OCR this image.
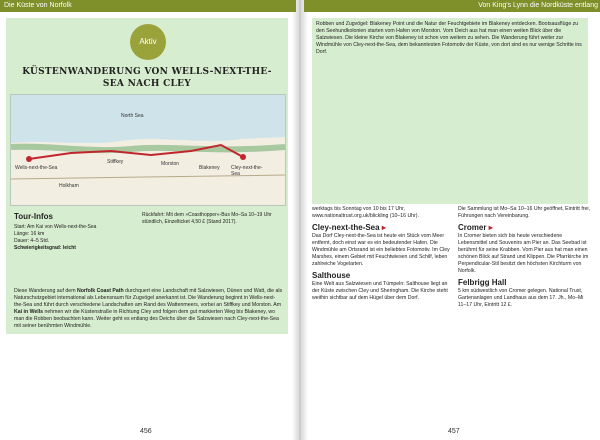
Die Küste von Norfolk	Von King's Lynn die Nordküste entlang
Aktiv
KÜSTENWANDERUNG VON WELLS-NEXT-THE-SEA NACH CLEY
North Sea
Wells-next-the-Sea
Holkham
Stiffkey	Morston
Blakeney Cley-next-the-Sea
Tour-Infos
Start: Am Kai von Wells-next-the-Sea
Länge: 16 km
Dauer: 4–5 Std.
Schwierigkeitsgrad: leicht
Rückfahrt: Mit dem »Coasthopper«-Bus Mo–Sa 10–19 Uhr stündlich, Einzelticket 4,50 £ (Stand 2017).
Diese Wanderung auf dem Norfolk Coast Path durchquert eine Landschaft mit Salzwiesen, Dünen und Watt, die als Naturschutzgebiet international als Lebensraum für Zugvögel anerkannt ist. Die Wanderung beginnt in Wells-next-the-Sea und führt durch verschiedene Landschaften am Rand des Wattenmeers, vorbei an Stiffkey und Morston. Am Kai in Wells nehmen wir die Küstenstraße in Richtung Cley und folgen dem gut markierten Weg bis Blakeney, wo man die Robben beobachten kann. Weiter geht es entlang des Deichs über die Salzwiesen nach Cley-next-the-Sea mit seiner berühmten Windmühle.

Robben und Zugvögel: Blakeney Point und die Natur der Feuchtgebiete im Blakeney entdecken. Bootsausflüge zu den Seehundkolonien starten vom Hafen von Morston. Vom Deich aus hat man einen weiten Blick über die Salzwiesen. Die kleine Kirche von Blakeney ist schon von weitem zu sehen. Die Wanderung führt weiter zur Windmühle von Cley-next-the-Sea, dem bekanntesten Fotomotiv der Küste, von dort sind es nur wenige Schritte ins Dorf.

werktags bis Sonntag von 10 bis 17 Uhr, www.nationaltrust.org.uk/blickling (10–16 Uhr).

Cley-next-the-Sea ▸

Das Dorf Cley-next-the-Sea ist heute ein Stück vom Meer entfernt, doch einst war es ein bedeutender Hafen. Die Windmühle am Ortsrand ist ein beliebtes Fotomotiv. Im Cley Marshes, einem Gebiet mit Feuchtwiesen und Schilf, leben zahlreiche Vogelarten.

Salthouse

Eine Welt aus Salzwiesen und Tümpeln: Salthouse liegt an der Küste zwischen Cley und Sheringham. Die Kirche steht weithin sichtbar auf dem Hügel über dem Dorf.

Die Sammlung ist Mo–Sa 10–16 Uhr geöffnet, Eintritt frei, Führungen nach Vereinbarung.

Cromer ▸

In Cromer bieten sich bis heute verschiedene Lebensmittel und Souvenirs am Pier an. Das Seebad ist berühmt für seine Krabben. Vom Pier aus hat man einen schönen Blick auf Strand und Klippen. Die Pfarrkirche im Perpendicular-Stil besitzt den höchsten Kirchturm von Norfolk.

Felbrigg Hall

5 km südwestlich von Cromer gelegen. National Trust, Gartenanlagen und Landhaus aus dem 17. Jh., Mo–Mi 11–17 Uhr, Eintritt 12 £.

456	457
